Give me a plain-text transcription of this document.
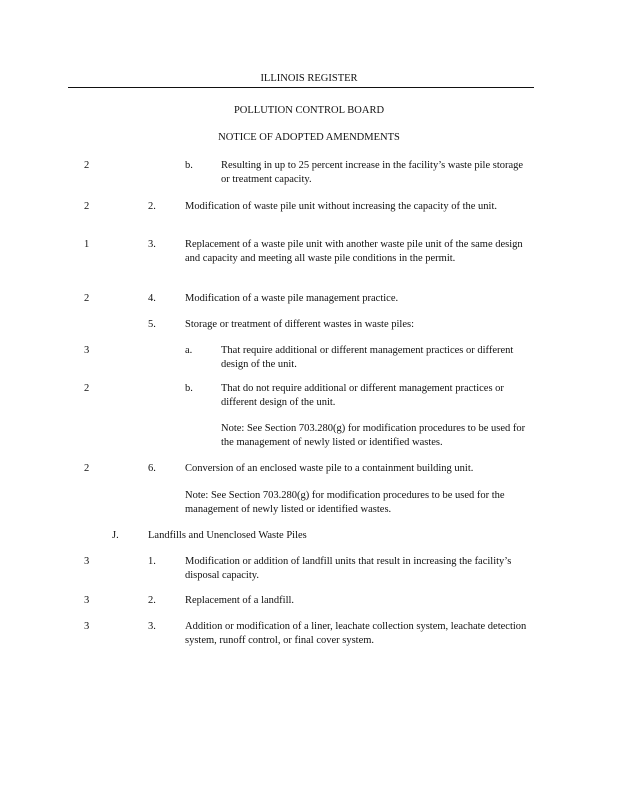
ILLINOIS REGISTER
POLLUTION CONTROL BOARD
NOTICE OF ADOPTED AMENDMENTS
2	b.	Resulting in up to 25 percent increase in the facility’s waste pile storage or treatment capacity.
2	2.	Modification of waste pile unit without increasing the capacity of the unit.
1	3.	Replacement of a waste pile unit with another waste pile unit of the same design and capacity and meeting all waste pile conditions in the permit.
2	4.	Modification of a waste pile management practice.
5.	Storage or treatment of different wastes in waste piles:
3	a.	That require additional or different management practices or different design of the unit.
2	b.	That do not require additional or different management practices or different design of the unit.
Note: See Section 703.280(g) for modification procedures to be used for the management of newly listed or identified wastes.
2	6.	Conversion of an enclosed waste pile to a containment building unit.
Note: See Section 703.280(g) for modification procedures to be used for the management of newly listed or identified wastes.
J.	Landfills and Unenclosed Waste Piles
3	1.	Modification or addition of landfill units that result in increasing the facility’s disposal capacity.
3	2.	Replacement of a landfill.
3	3.	Addition or modification of a liner, leachate collection system, leachate detection system, runoff control, or final cover system.
